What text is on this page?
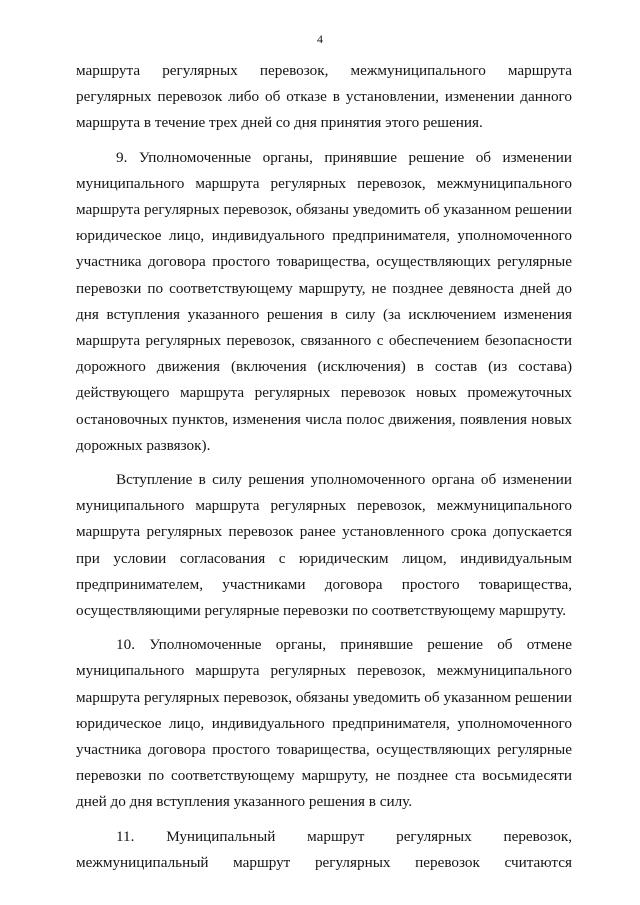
4

маршрута регулярных перевозок, межмуниципального маршрута регулярных перевозок либо об отказе в установлении, изменении данного маршрута в течение трех дней со дня принятия этого решения.

9. Уполномоченные органы, принявшие решение об изменении муниципального маршрута регулярных перевозок, межмуниципального маршрута регулярных перевозок, обязаны уведомить об указанном решении юридическое лицо, индивидуального предпринимателя, уполномоченного участника договора простого товарищества, осуществляющих регулярные перевозки по соответствующему маршруту, не позднее девяноста дней до дня вступления указанного решения в силу (за исключением изменения маршрута регулярных перевозок, связанного с обеспечением безопасности дорожного движения (включения (исключения) в состав (из состава) действующего маршрута регулярных перевозок новых промежуточных остановочных пунктов, изменения числа полос движения, появления новых дорожных развязок).

Вступление в силу решения уполномоченного органа об изменении муниципального маршрута регулярных перевозок, межмуниципального маршрута регулярных перевозок ранее установленного срока допускается при условии согласования с юридическим лицом, индивидуальным предпринимателем, участниками договора простого товарищества, осуществляющими регулярные перевозки по соответствующему маршруту.

10. Уполномоченные органы, принявшие решение об отмене муниципального маршрута регулярных перевозок, межмуниципального маршрута регулярных перевозок, обязаны уведомить об указанном решении юридическое лицо, индивидуального предпринимателя, уполномоченного участника договора простого товарищества, осуществляющих регулярные перевозки по соответствующему маршруту, не позднее ста восьмидесяти дней до дня вступления указанного решения в силу.

11. Муниципальный маршрут регулярных перевозок, межмуниципальный маршрут регулярных перевозок считаются
